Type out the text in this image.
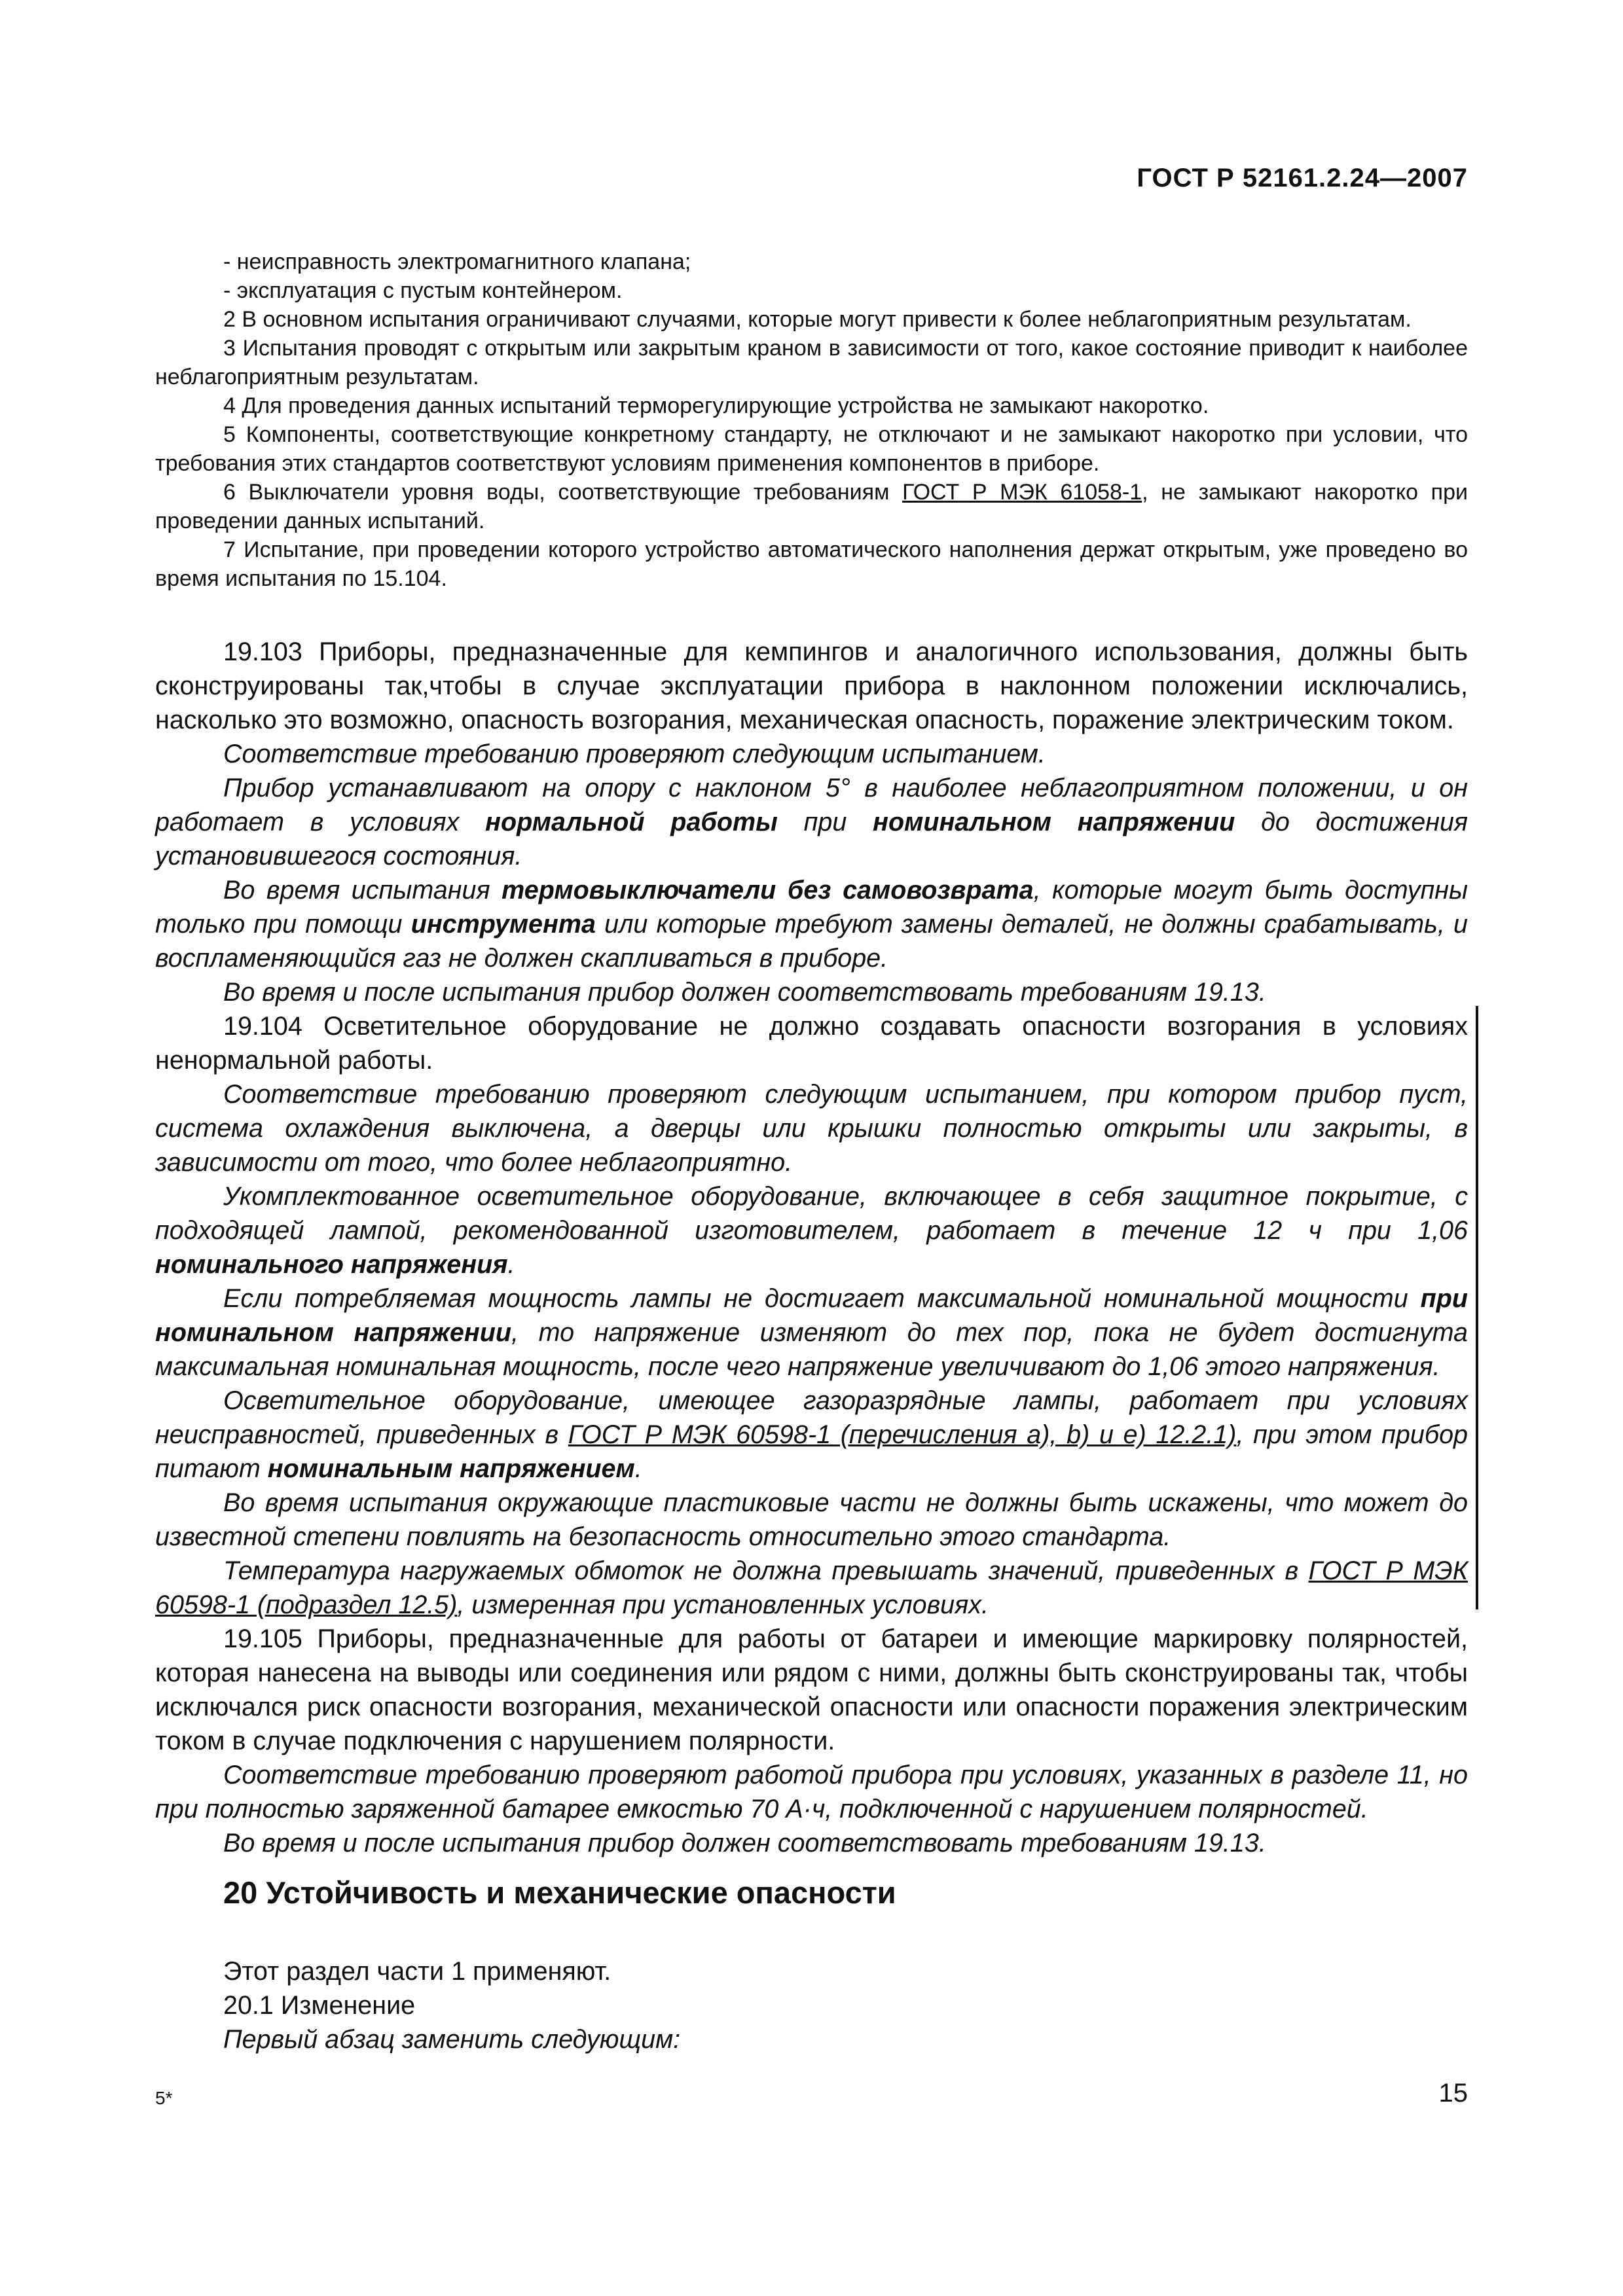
ГОСТ Р 52161.2.24—2007

- неисправность электромагнитного клапана;

- эксплуатация с пустым контейнером.

2 В основном испытания ограничивают случаями, которые могут привести к более неблагоприятным результатам.

3 Испытания проводят с открытым или закрытым краном в зависимости от того, какое состояние приводит к наиболее неблагоприятным результатам.

4 Для проведения данных испытаний терморегулирующие устройства не замыкают накоротко.

5 Компоненты, соответствующие конкретному стандарту, не отключают и не замыкают накоротко при условии, что требования этих стандартов соответствуют условиям применения компонентов в приборе.

6 Выключатели уровня воды, соответствующие требованиям ГОСТ Р МЭК 61058-1, не замыкают накоротко при проведении данных испытаний.

7 Испытание, при проведении которого устройство автоматического наполнения держат открытым, уже проведено во время испытания по 15.104.

19.103 Приборы, предназначенные для кемпингов и аналогичного использования, должны быть сконструированы так,чтобы в случае эксплуатации прибора в наклонном положении исключались, насколько это возможно, опасность возгорания, механическая опасность, поражение электрическим током.

Соответствие требованию проверяют следующим испытанием.

Прибор устанавливают на опору с наклоном 5° в наиболее неблагоприятном положении, и он работает в условиях нормальной работы при номинальном напряжении до достижения установившегося состояния.

Во время испытания термовыключатели без самовозврата, которые могут быть доступны только при помощи инструмента или которые требуют замены деталей, не должны срабатывать, и воспламеняющийся газ не должен скапливаться в приборе.

Во время и после испытания прибор должен соответствовать требованиям 19.13.

19.104 Осветительное оборудование не должно создавать опасности возгорания в условиях ненормальной работы.

Соответствие требованию проверяют следующим испытанием, при котором прибор пуст, система охлаждения выключена, а дверцы или крышки полностью открыты или закрыты, в зависимости от того, что более неблагоприятно.

Укомплектованное осветительное оборудование, включающее в себя защитное покрытие, с подходящей лампой, рекомендованной изготовителем, работает в течение 12 ч при 1,06 номинального напряжения.

Если потребляемая мощность лампы не достигает максимальной номинальной мощности при номинальном напряжении, то напряжение изменяют до тех пор, пока не будет достигнута максимальная номинальная мощность, после чего напряжение увеличивают до 1,06 этого напряжения.

Осветительное оборудование, имеющее газоразрядные лампы, работает при условиях неисправностей, приведенных в ГОСТ Р МЭК 60598-1 (перечисления a), b) и е) 12.2.1), при этом прибор питают номинальным напряжением.

Во время испытания окружающие пластиковые части не должны быть искажены, что может до известной степени повлиять на безопасность относительно этого стандарта.

Температура нагружаемых обмоток не должна превышать значений, приведенных в ГОСТ Р МЭК 60598-1 (подраздел 12.5), измеренная при установленных условиях.

19.105 Приборы, предназначенные для работы от батареи и имеющие маркировку полярностей, которая нанесена на выводы или соединения или рядом с ними, должны быть сконструированы так, чтобы исключался риск опасности возгорания, механической опасности или опасности поражения электрическим током в случае подключения с нарушением полярности.

Соответствие требованию проверяют работой прибора при условиях, указанных в разделе 11, но при полностью заряженной батарее емкостью 70 А·ч, подключенной с нарушением полярностей.

Во время и после испытания прибор должен соответствовать требованиям 19.13.

20 Устойчивость и механические опасности

Этот раздел части 1 применяют.

20.1 Изменение

Первый абзац заменить следующим:

5*	15
